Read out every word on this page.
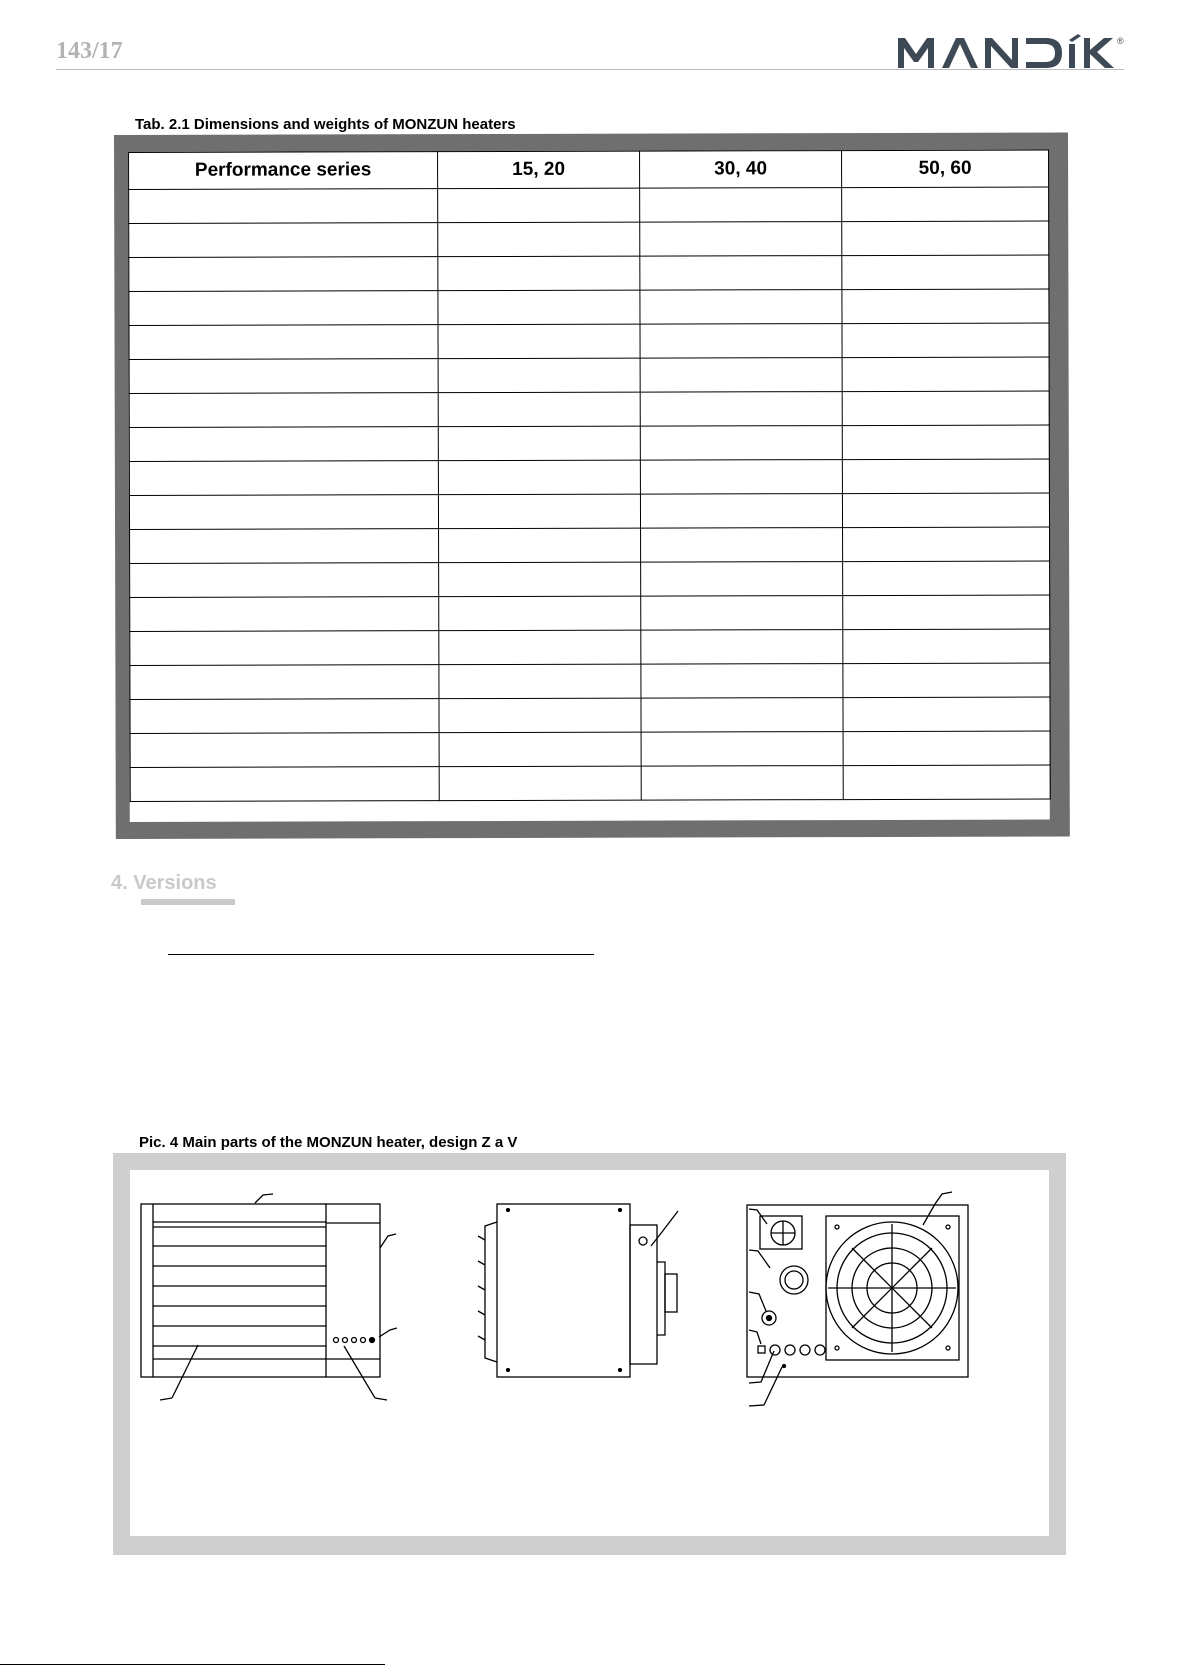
143/17	®
Tab. 2.1 Dimensions and weights of MONZUN heaters
Performance series	15, 20	30, 40	50, 60

4. Versions
Pic. 4 Main parts of the MONZUN heater, design Z a V
